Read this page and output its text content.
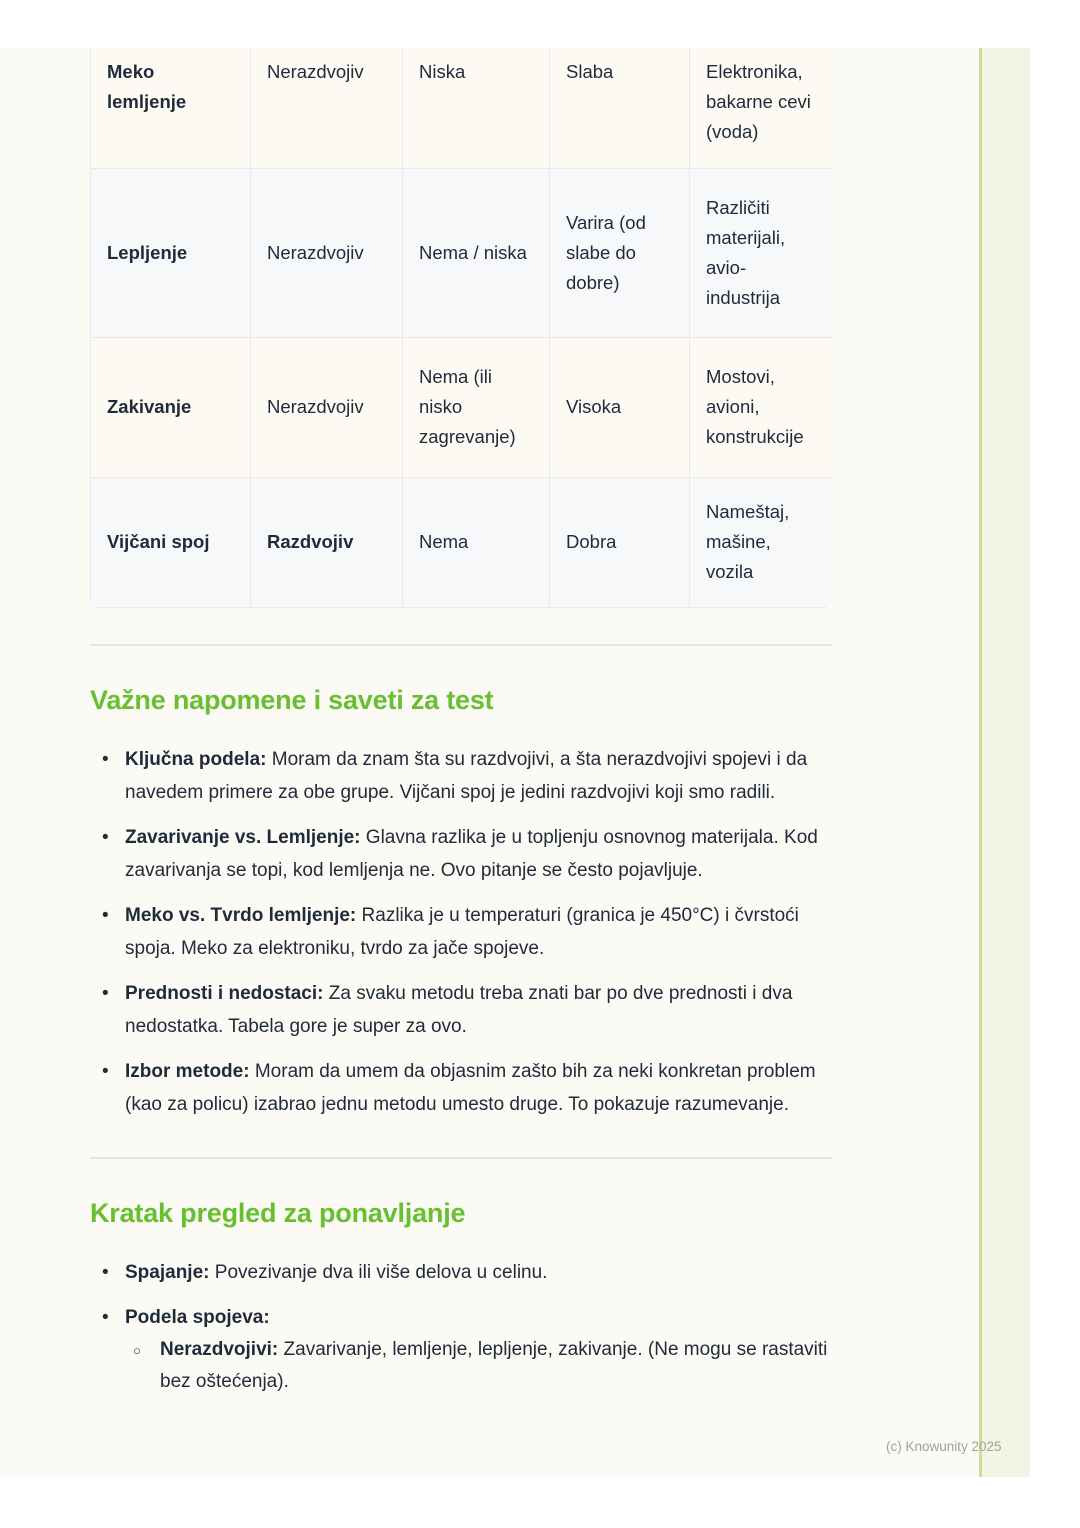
Meko lemljenje	Nerazdvojiv	Niska	Slaba	Elektronika, bakarne cevi (voda)
Lepljenje	Nerazdvojiv	Nema / niska	Varira (od slabe do dobre)	Različiti materijali, avio-industrija
Zakivanje	Nerazdvojiv	Nema (ili nisko zagrevanje)	Visoka	Mostovi, avioni, konstrukcije
Vijčani spoj	Razdvojiv	Nema	Dobra	Nameštaj, mašine, vozila
Važne napomene i saveti za test
• Ključna podela: Moram da znam šta su razdvojivi, a šta nerazdvojivi spojevi i da navedem primere za obe grupe. Vijčani spoj je jedini razdvojivi koji smo radili.
• Zavarivanje vs. Lemljenje: Glavna razlika je u topljenju osnovnog materijala. Kod zavarivanja se topi, kod lemljenja ne. Ovo pitanje se često pojavljuje.
• Meko vs. Tvrdo lemljenje: Razlika je u temperaturi (granica je 450°C) i čvrstoći spoja. Meko za elektroniku, tvrdo za jače spojeve.
• Prednosti i nedostaci: Za svaku metodu treba znati bar po dve prednosti i dva nedostatka. Tabela gore je super za ovo.
• Izbor metode: Moram da umem da objasnim zašto bih za neki konkretan problem (kao za policu) izabrao jednu metodu umesto druge. To pokazuje razumevanje.
Kratak pregled za ponavljanje
• Spajanje: Povezivanje dva ili više delova u celinu.
• Podela spojeva:
○ Nerazdvojivi: Zavarivanje, lemljenje, lepljenje, zakivanje. (Ne mogu se rastaviti bez oštećenja).
(c) Knowunity 2025
